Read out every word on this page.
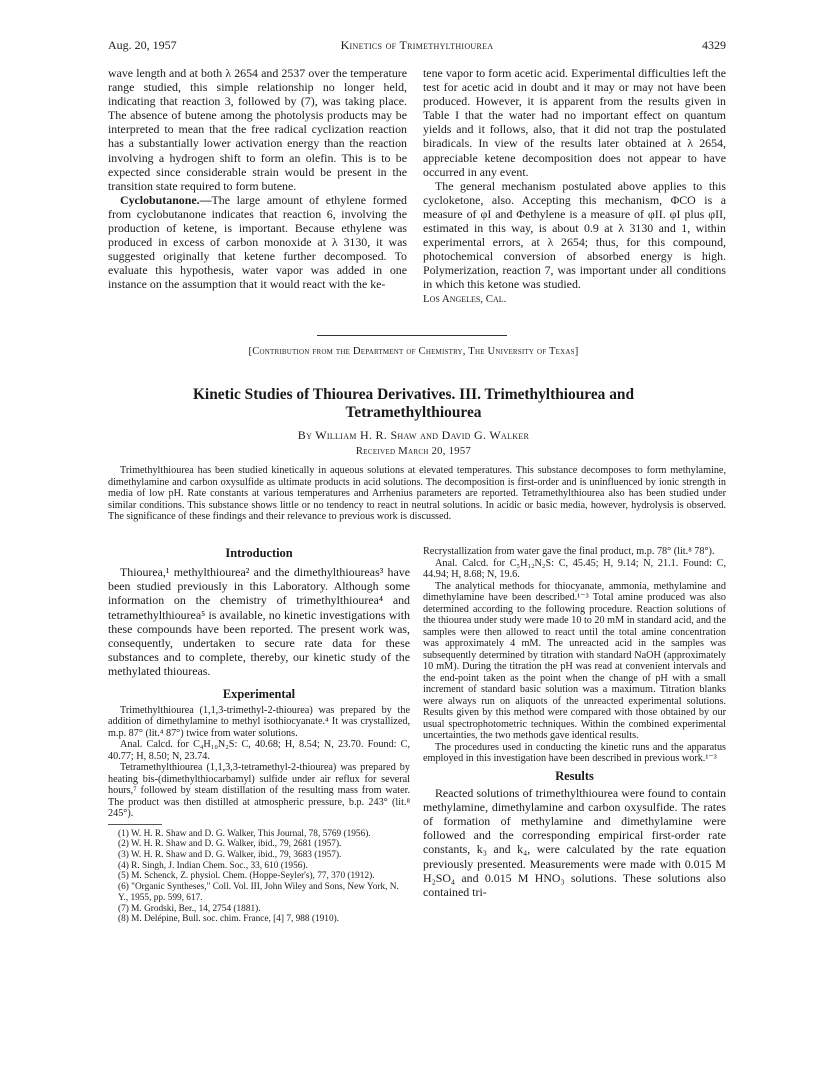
Aug. 20, 1957	Kinetics of Trimethylthiourea	4329

wave length and at both λ 2654 and 2537 over the temperature range studied, this simple relationship no longer held, indicating that reaction 3, followed by (7), was taking place. The absence of butene among the photolysis products may be interpreted to mean that the free radical cyclization reaction has a substantially lower activation energy than the reaction involving a hydrogen shift to form an olefin. This is to be expected since considerable strain would be present in the transition state required to form butene.

Cyclobutanone.—The large amount of ethylene formed from cyclobutanone indicates that reaction 6, involving the production of ketene, is important. Because ethylene was produced in excess of carbon monoxide at λ 3130, it was suggested originally that ketene further decomposed. To evaluate this hypothesis, water vapor was added in one instance on the assumption that it would react with the ke-

tene vapor to form acetic acid. Experimental difficulties left the test for acetic acid in doubt and it may or may not have been produced. However, it is apparent from the results given in Table I that the water had no important effect on quantum yields and it follows, also, that it did not trap the postulated biradicals. In view of the results later obtained at λ 2654, appreciable ketene decomposition does not appear to have occurred in any event.

The general mechanism postulated above applies to this cycloketone, also. Accepting this mechanism, ΦCO is a measure of φI and Φethylene is a measure of φII. φI plus φII, estimated in this way, is about 0.9 at λ 3130 and 1, within experimental errors, at λ 2654; thus, for this compound, photochemical conversion of absorbed energy is high. Polymerization, reaction 7, was important under all conditions in which this ketone was studied.

Los Angeles, Cal.

[Contribution from the Department of Chemistry, The University of Texas]
Kinetic Studies of Thiourea Derivatives. III. Trimethylthiourea and
Tetramethylthiourea
By William H. R. Shaw and David G. Walker
Received March 20, 1957

Trimethylthiourea has been studied kinetically in aqueous solutions at elevated temperatures. This substance decomposes to form methylamine, dimethylamine and carbon oxysulfide as ultimate products in acid solutions. The decomposition is first-order and is uninfluenced by ionic strength in media of low pH. Rate constants at various temperatures and Arrhenius parameters are reported. Tetramethylthiourea also has been studied under similar conditions. This substance shows little or no tendency to react in neutral solutions. In acidic or basic media, however, hydrolysis is observed. The significance of these findings and their relevance to previous work is discussed.

Introduction

Thiourea,¹ methylthiourea² and the dimethylthioureas³ have been studied previously in this Laboratory. Although some information on the chemistry of trimethylthiourea⁴ and tetramethylthiourea⁵ is available, no kinetic investigations with these compounds have been reported. The present work was, consequently, undertaken to secure rate data for these substances and to complete, thereby, our kinetic study of the methylated thioureas.

Experimental

Trimethylthiourea (1,1,3-trimethyl-2-thiourea) was prepared by the addition of dimethylamine to methyl isothiocyanate.⁴ It was crystallized, m.p. 87° (lit.⁴ 87°) twice from water solutions.

Anal. Calcd. for C₄H₁₀N₂S: C, 40.68; H, 8.54; N, 23.70. Found: C, 40.77; H, 8.50; N, 23.74.

Tetramethylthiourea (1,1,3,3-tetramethyl-2-thiourea) was prepared by heating bis-(dimethylthiocarbamyl) sulfide under air reflux for several hours,⁷ followed by steam distillation of the resulting mass from water. The product was then distilled at atmospheric pressure, b.p. 243° (lit.⁸ 245°).

(1) W. H. R. Shaw and D. G. Walker, This Journal, 78, 5769 (1956).
(2) W. H. R. Shaw and D. G. Walker, ibid., 79, 2681 (1957).
(3) W. H. R. Shaw and D. G. Walker, ibid., 79, 3683 (1957).
(4) R. Singh, J. Indian Chem. Soc., 33, 610 (1956).
(5) M. Schenck, Z. physiol. Chem. (Hoppe-Seyler's), 77, 370 (1912).
(6) "Organic Syntheses," Coll. Vol. III, John Wiley and Sons, New York, N. Y., 1955, pp. 599, 617.
(7) M. Grodski, Ber., 14, 2754 (1881).
(8) M. Delépine, Bull. soc. chim. France, [4] 7, 988 (1910).

Recrystallization from water gave the final product, m.p. 78° (lit.⁸ 78°).

Anal. Calcd. for C₅H₁₂N₂S: C, 45.45; H, 9.14; N, 21.1. Found: C, 44.94; H, 8.68; N, 19.6.

The analytical methods for thiocyanate, ammonia, methylamine and dimethylamine have been described.¹⁻³ Total amine produced was also determined according to the following procedure. Reaction solutions of the thiourea under study were made 10 to 20 mM in standard acid, and the samples were then allowed to react until the total amine concentration was approximately 4 mM. The unreacted acid in the samples was subsequently determined by titration with standard NaOH (approximately 10 mM). During the titration the pH was read at convenient intervals and the end-point taken as the point when the change of pH with a small increment of standard basic solution was a maximum. Titration blanks were always run on aliquots of the unreacted experimental solutions. Results given by this method were compared with those obtained by our usual spectrophotometric techniques. Within the combined experimental uncertainties, the two methods gave identical results.

The procedures used in conducting the kinetic runs and the apparatus employed in this investigation have been described in previous work.¹⁻³

Results

Reacted solutions of trimethylthiourea were found to contain methylamine, dimethylamine and carbon oxysulfide. The rates of formation of methylamine and dimethylamine were followed and the corresponding empirical first-order rate constants, k₃ and k₄, were calculated by the rate equation previously presented. Measurements were made with 0.015 M H₂SO₄ and 0.015 M HNO₃ solutions. These solutions also contained tri-
